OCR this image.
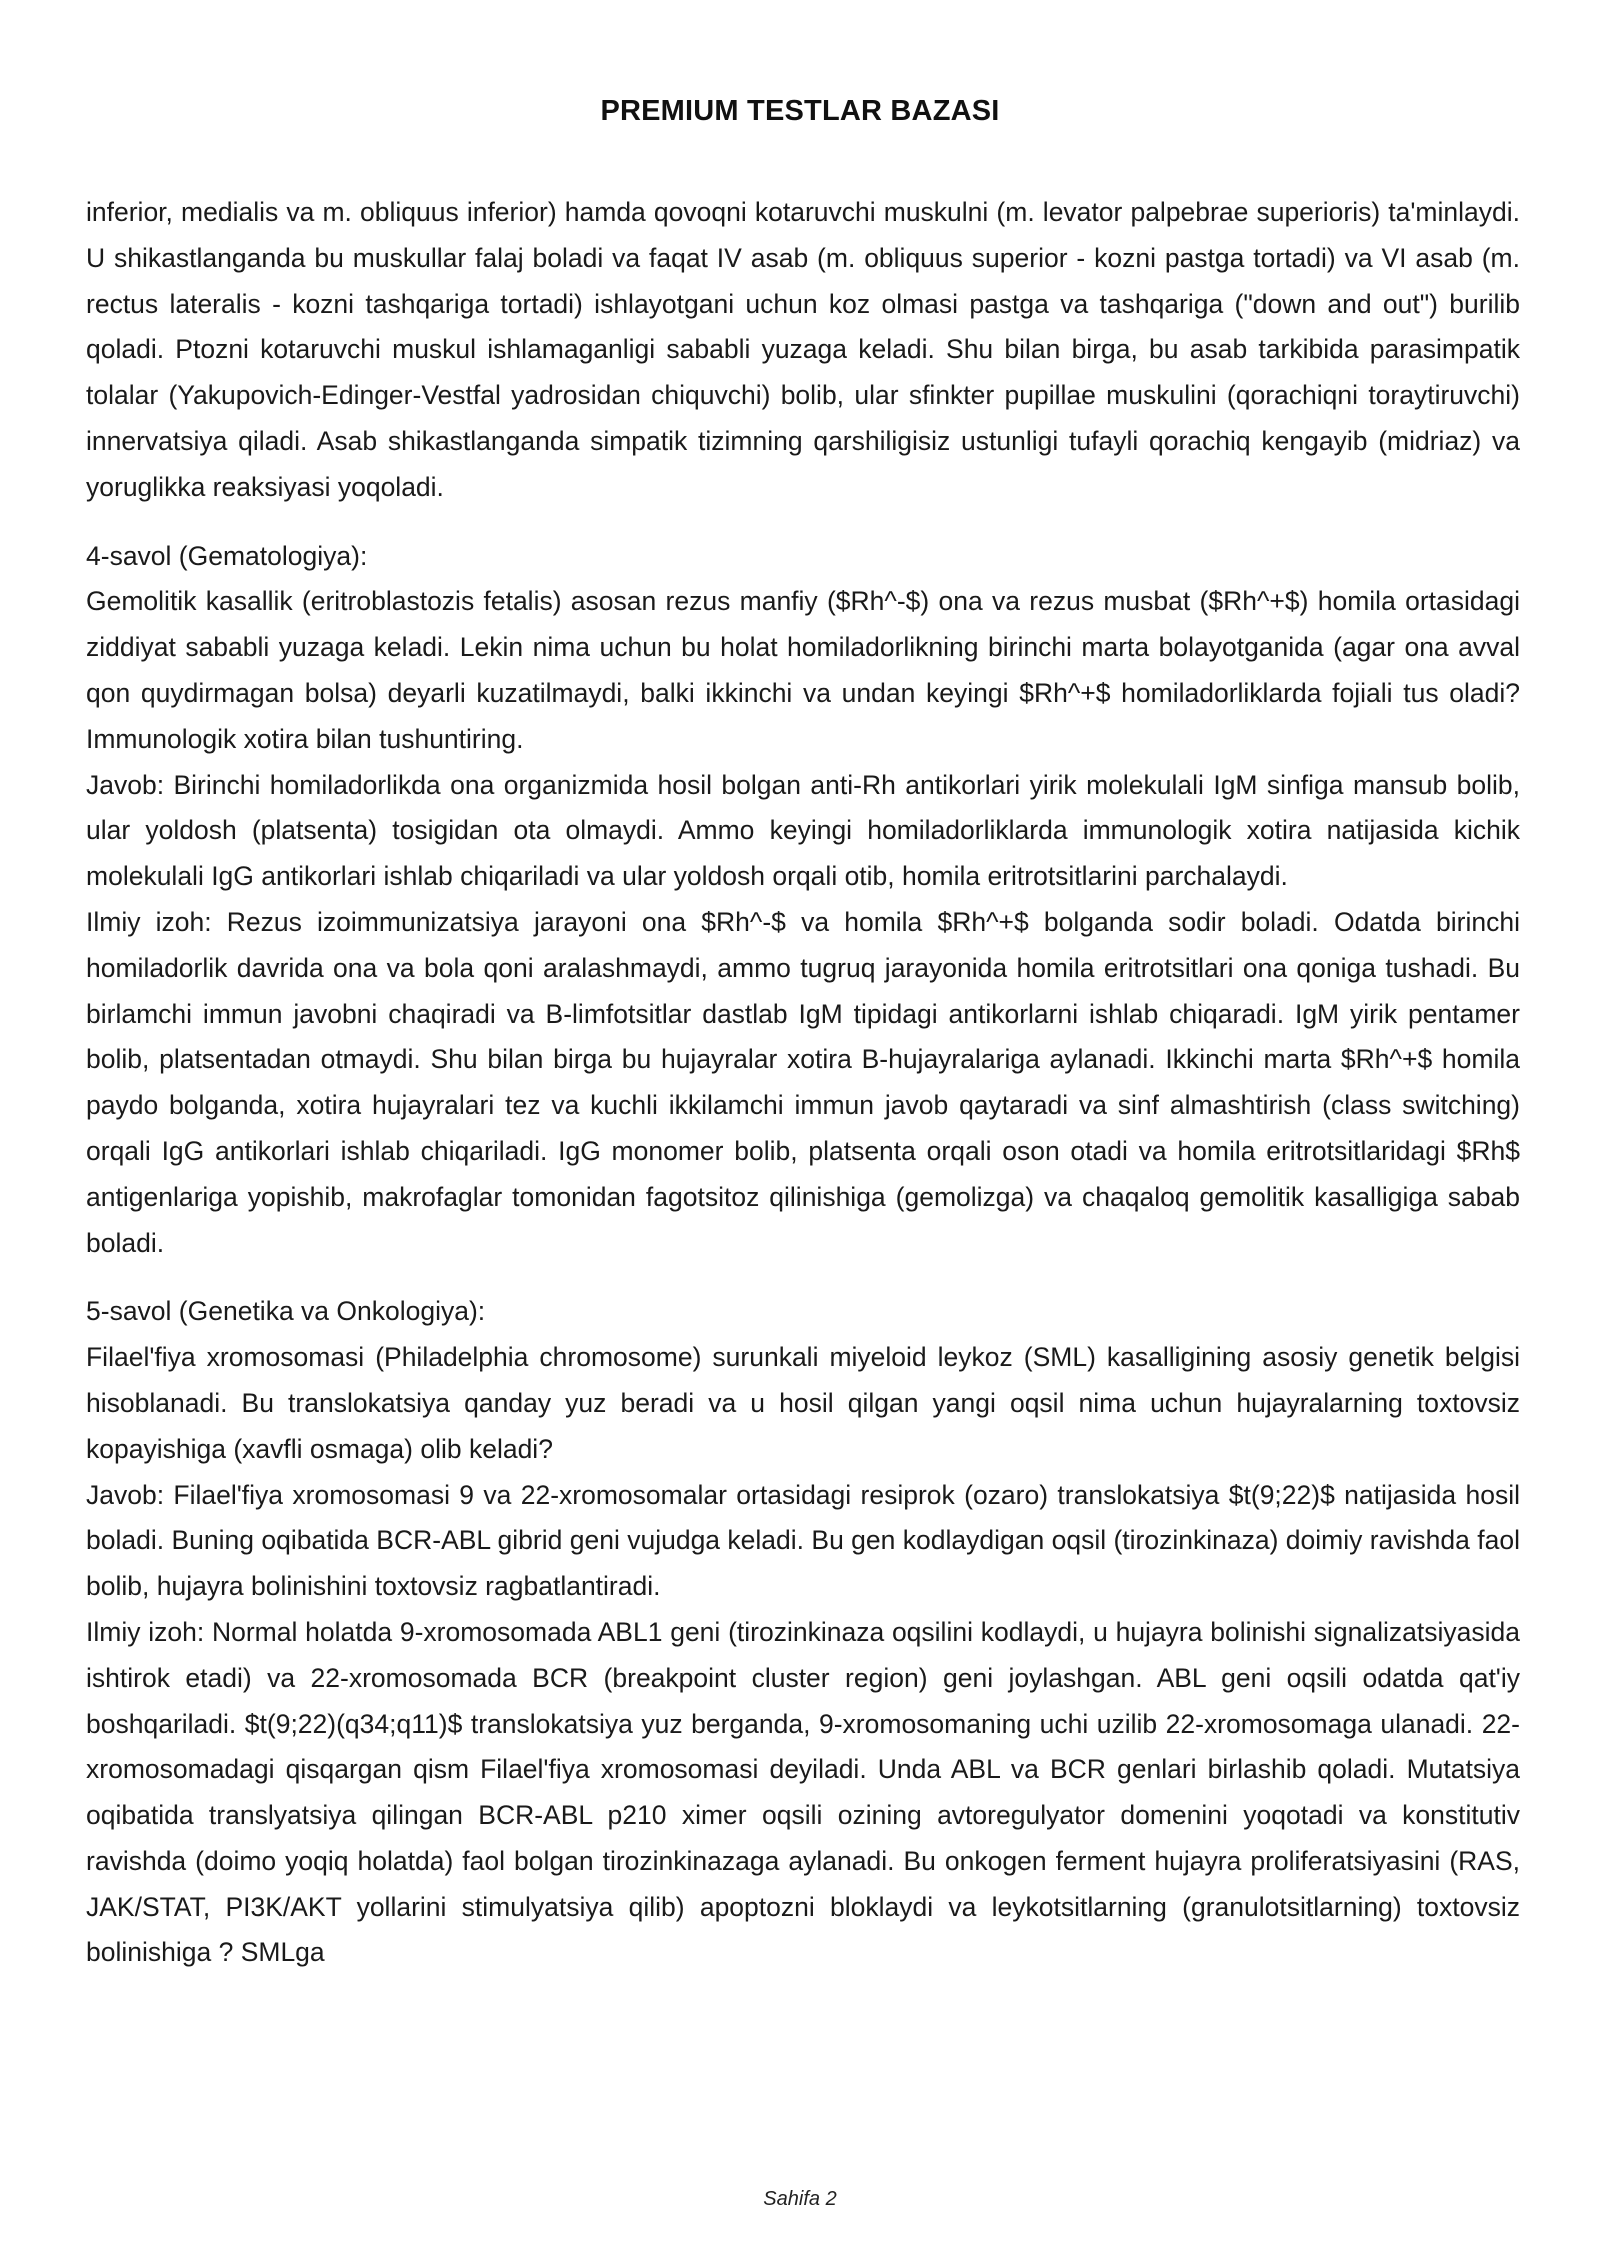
PREMIUM TESTLAR BAZASI

inferior, medialis va m. obliquus inferior) hamda qovoqni kotaruvchi muskulni (m. levator palpebrae superioris) ta'minlaydi. U shikastlanganda bu muskullar falaj boladi va faqat IV asab (m. obliquus superior - kozni pastga tortadi) va VI asab (m. rectus lateralis - kozni tashqariga tortadi) ishlayotgani uchun koz olmasi pastga va tashqariga ("down and out") burilib qoladi. Ptozni kotaruvchi muskul ishlamaganligi sababli yuzaga keladi. Shu bilan birga, bu asab tarkibida parasimpatik tolalar (Yakupovich-Edinger-Vestfal yadrosidan chiquvchi) bolib, ular sfinkter pupillae muskulini (qorachiqni toraytiruvchi) innervatsiya qiladi. Asab shikastlanganda simpatik tizimning qarshiligisiz ustunligi tufayli qorachiq kengayib (midriaz) va yoruglikka reaksiyasi yoqoladi.

4-savol (Gematologiya):

Gemolitik kasallik (eritroblastozis fetalis) asosan rezus manfiy ($Rh^-$) ona va rezus musbat ($Rh^+$) homila ortasidagi ziddiyat sababli yuzaga keladi. Lekin nima uchun bu holat homiladorlikning birinchi marta bolayotganida (agar ona avval qon quydirmagan bolsa) deyarli kuzatilmaydi, balki ikkinchi va undan keyingi $Rh^+$ homiladorliklarda fojiali tus oladi? Immunologik xotira bilan tushuntiring.

Javob: Birinchi homiladorlikda ona organizmida hosil bolgan anti-Rh antikorlari yirik molekulali IgM sinfiga mansub bolib, ular yoldosh (platsenta) tosigidan ota olmaydi. Ammo keyingi homiladorliklarda immunologik xotira natijasida kichik molekulali IgG antikorlari ishlab chiqariladi va ular yoldosh orqali otib, homila eritrotsitlarini parchalaydi.

Ilmiy izoh: Rezus izoimmunizatsiya jarayoni ona $Rh^-$ va homila $Rh^+$ bolganda sodir boladi. Odatda birinchi homiladorlik davrida ona va bola qoni aralashmaydi, ammo tugruq jarayonida homila eritrotsitlari ona qoniga tushadi. Bu birlamchi immun javobni chaqiradi va B-limfotsitlar dastlab IgM tipidagi antikorlarni ishlab chiqaradi. IgM yirik pentamer bolib, platsentadan otmaydi. Shu bilan birga bu hujayralar xotira B-hujayralariga aylanadi. Ikkinchi marta $Rh^+$ homila paydo bolganda, xotira hujayralari tez va kuchli ikkilamchi immun javob qaytaradi va sinf almashtirish (class switching) orqali IgG antikorlari ishlab chiqariladi. IgG monomer bolib, platsenta orqali oson otadi va homila eritrotsitlaridagi $Rh$ antigenlariga yopishib, makrofaglar tomonidan fagotsitoz qilinishiga (gemolizga) va chaqaloq gemolitik kasalligiga sabab boladi.

5-savol (Genetika va Onkologiya):

Filael'fiya xromosomasi (Philadelphia chromosome) surunkali miyeloid leykoz (SML) kasalligining asosiy genetik belgisi hisoblanadi. Bu translokatsiya qanday yuz beradi va u hosil qilgan yangi oqsil nima uchun hujayralarning toxtovsiz kopayishiga (xavfli osmaga) olib keladi?

Javob: Filael'fiya xromosomasi 9 va 22-xromosomalar ortasidagi resiprok (ozaro) translokatsiya $t(9;22)$ natijasida hosil boladi. Buning oqibatida BCR-ABL gibrid geni vujudga keladi. Bu gen kodlaydigan oqsil (tirozinkinaza) doimiy ravishda faol bolib, hujayra bolinishini toxtovsiz ragbatlantiradi.

Ilmiy izoh: Normal holatda 9-xromosomada ABL1 geni (tirozinkinaza oqsilini kodlaydi, u hujayra bolinishi signalizatsiyasida ishtirok etadi) va 22-xromosomada BCR (breakpoint cluster region) geni joylashgan. ABL geni oqsili odatda qat'iy boshqariladi. $t(9;22)(q34;q11)$ translokatsiya yuz berganda, 9-xromosomaning uchi uzilib 22-xromosomaga ulanadi. 22-xromosomadagi qisqargan qism Filael'fiya xromosomasi deyiladi. Unda ABL va BCR genlari birlashib qoladi. Mutatsiya oqibatida translyatsiya qilingan BCR-ABL p210 ximer oqsili ozining avtoregulyator domenini yoqotadi va konstitutiv ravishda (doimo yoqiq holatda) faol bolgan tirozinkinazaga aylanadi. Bu onkogen ferment hujayra proliferatsiyasini (RAS, JAK/STAT, PI3K/AKT yollarini stimulyatsiya qilib) apoptozni bloklaydi va leykotsitlarning (granulotsitlarning) toxtovsiz bolinishiga ? SMLga

Sahifa 2
